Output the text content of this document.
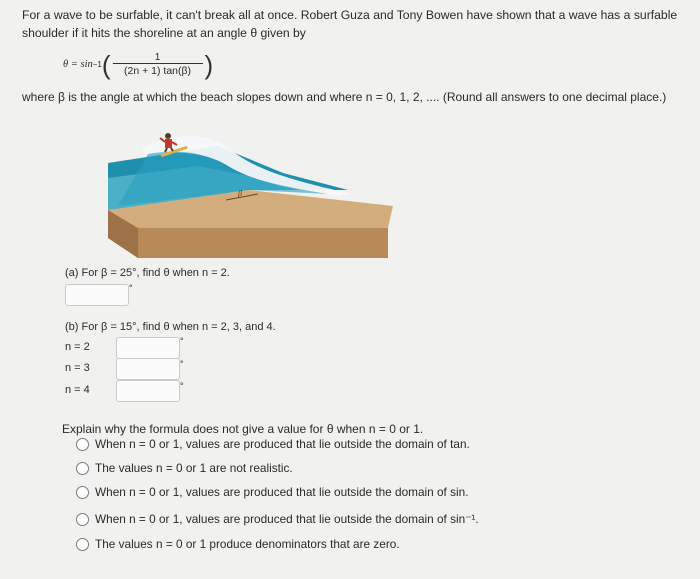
For a wave to be surfable, it can't break all at once. Robert Guza and Tony Bowen have shown that a wave has a surfable
shoulder if it hits the shoreline at an angle θ given by
θ = sin −1 ( $\frac{1}{(2n + 1) \tan(\beta)}$ )
where β is the angle at which the beach slopes down and where n = 0, 1, 2, .... (Round all answers to one decimal place.)
β
(a) For β = 25°, find θ when n = 2.
°
(b) For β = 15°, find θ when n = 2, 3, and 4.
n = 2	°
n = 3	°
n = 4	°
Explain why the formula does not give a value for θ when n = 0 or 1.
When n = 0 or 1, values are produced that lie outside the domain of tan.
The values n = 0 or 1 are not realistic.
When n = 0 or 1, values are produced that lie outside the domain of sin.
When n = 0 or 1, values are produced that lie outside the domain of sin⁻¹.
The values n = 0 or 1 produce denominators that are zero.
